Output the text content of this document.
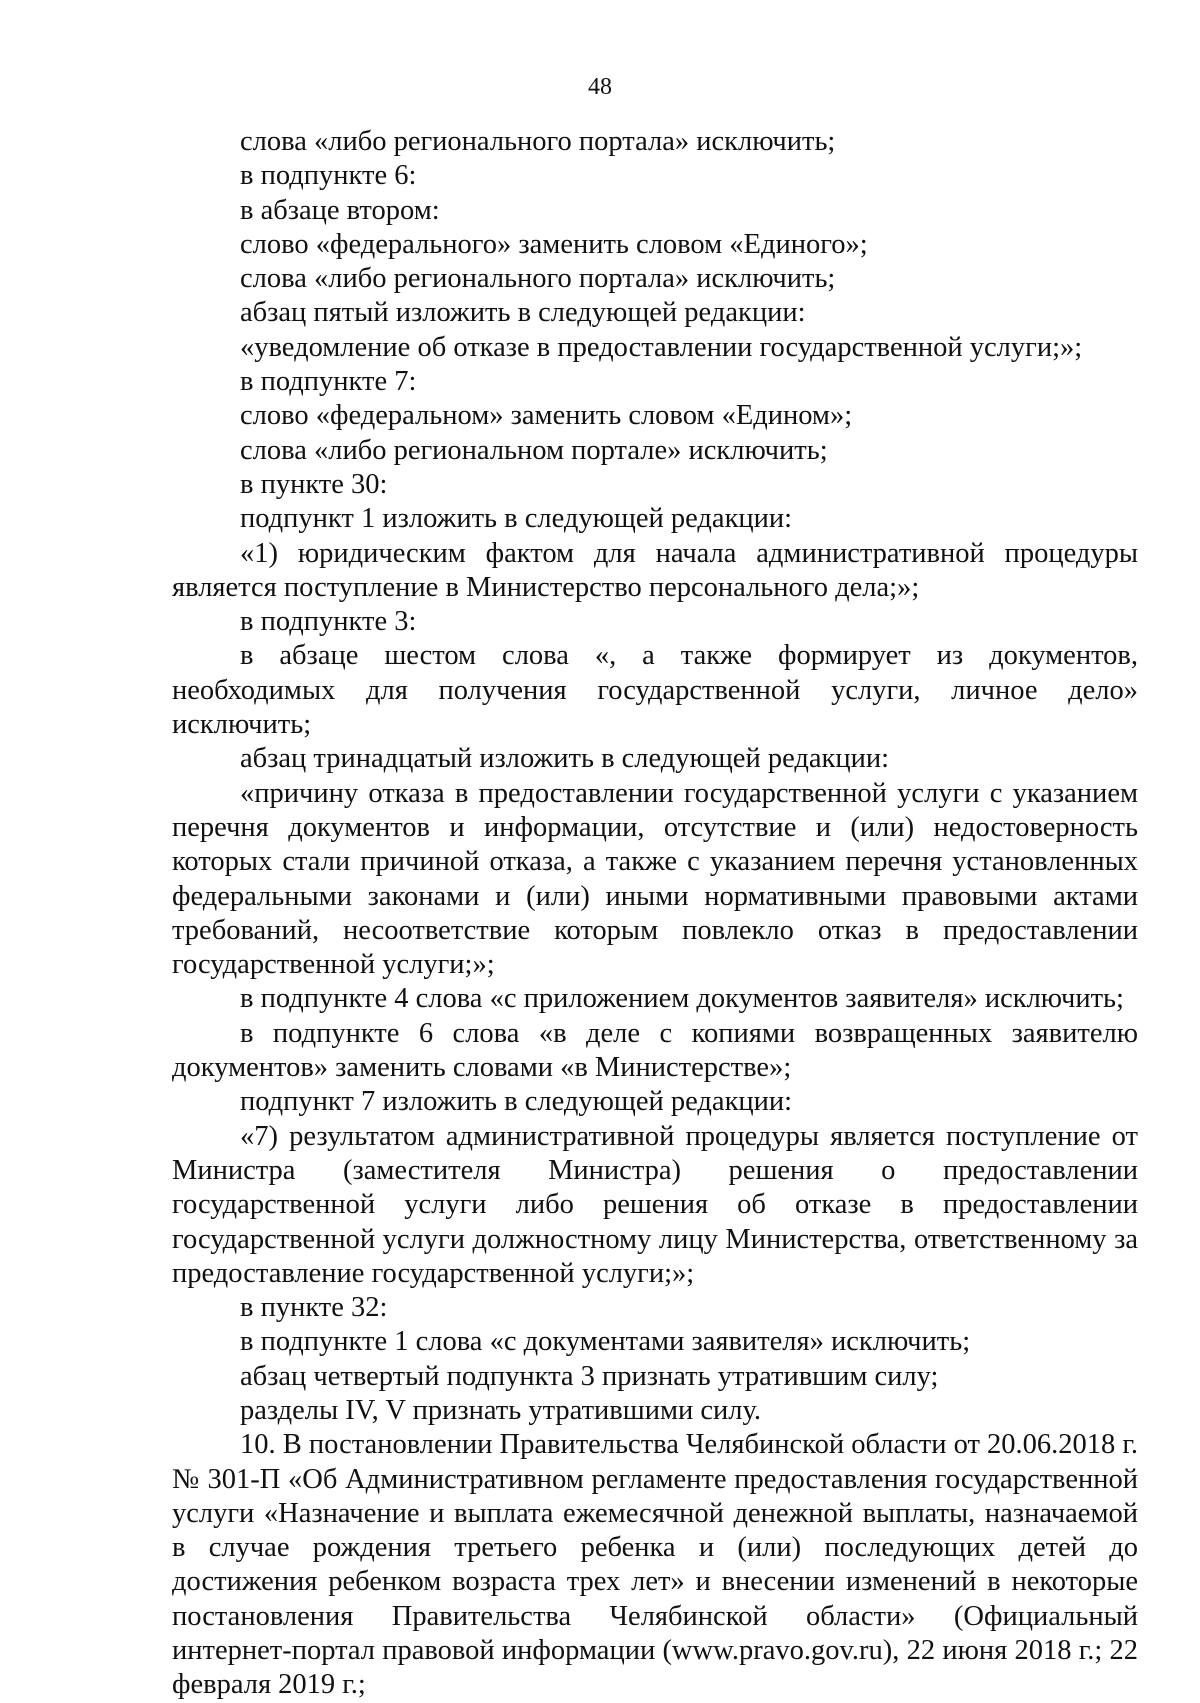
48

слова «либо регионального портала» исключить;

в подпункте 6:

в абзаце втором:

слово «федерального» заменить словом «Единого»;

слова «либо регионального портала» исключить;

абзац пятый изложить в следующей редакции:

«уведомление об отказе в предоставлении государственной услуги;»;

в подпункте 7:

слово «федеральном» заменить словом «Едином»;

слова «либо региональном портале» исключить;

в пункте 30:

подпункт 1 изложить в следующей редакции:

«1) юридическим фактом для начала административной процедуры является поступление в Министерство персонального дела;»;

в подпункте 3:

в абзаце шестом слова «, а также формирует из документов, необходимых для получения государственной услуги, личное дело» исключить;

абзац тринадцатый изложить в следующей редакции:

«причину отказа в предоставлении государственной услуги с указанием перечня документов и информации, отсутствие и (или) недостоверность которых стали причиной отказа, а также с указанием перечня установленных федеральными законами и (или) иными нормативными правовыми актами требований, несоответствие которым повлекло отказ в предоставлении государственной услуги;»;

в подпункте 4 слова «с приложением документов заявителя» исключить;

в подпункте 6 слова «в деле с копиями возвращенных заявителю документов» заменить словами «в Министерстве»;

подпункт 7 изложить в следующей редакции:

«7) результатом административной процедуры является поступление от Министра (заместителя Министра) решения о предоставлении государственной услуги либо решения об отказе в предоставлении государственной услуги должностному лицу Министерства, ответственному за предоставление государственной услуги;»;

в пункте 32:

в подпункте 1 слова «с документами заявителя» исключить;

абзац четвертый подпункта 3 признать утратившим силу;

разделы IV, V признать утратившими силу.

10. В постановлении Правительства Челябинской области от 20.06.2018 г. № 301-П «Об Административном регламенте предоставления государственной услуги «Назначение и выплата ежемесячной денежной выплаты, назначаемой в случае рождения третьего ребенка и (или) последующих детей до достижения ребенком возраста трех лет» и внесении изменений в некоторые постановления Правительства Челябинской области» (Официальный интернет-портал правовой информации (www.pravo.gov.ru), 22 июня 2018 г.; 22 февраля 2019 г.;
